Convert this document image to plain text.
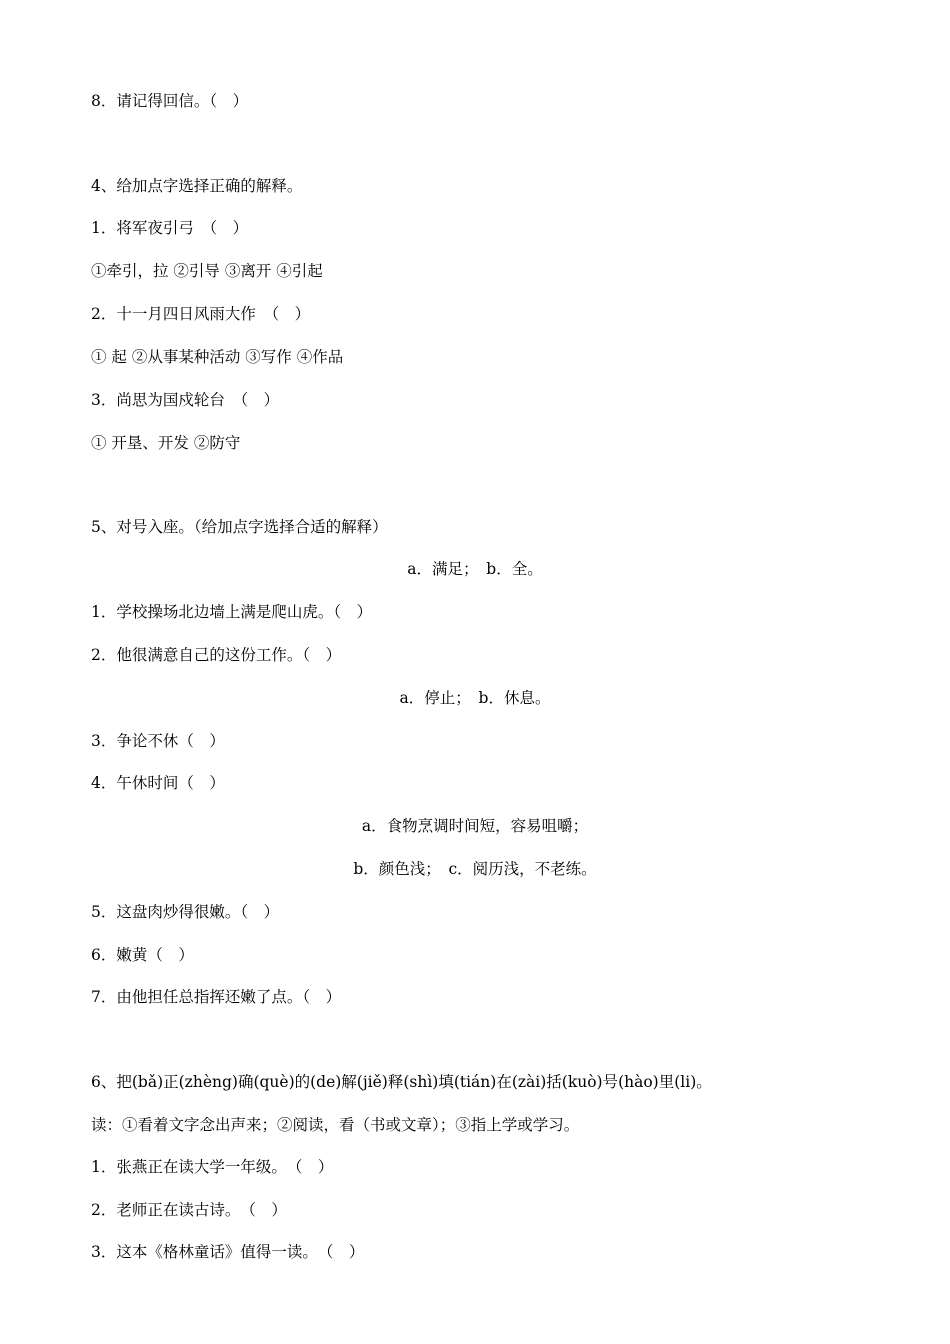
8．请记得回信。（　）
4、给加点字选择正确的解释。
1．将军夜引弓　（　）
①牵引，拉 ②引导 ③离开 ④引起
2．十一月四日风雨大作　（　）
① 起 ②从事某种活动 ③写作 ④作品
3．尚思为国戍轮台　（　）
① 开垦、开发 ②防守
5、对号入座。（给加点字选择合适的解释）
a．满足；　b．全。
1．学校操场北边墙上满是爬山虎。（　）
2．他很满意自己的这份工作。（　）
a．停止；　b．休息。
3．争论不休（　）
4．午休时间（　）
a．食物烹调时间短，容易咀嚼；
b．颜色浅；　c．阅历浅，不老练。
5．这盘肉炒得很嫩。（　）
6．嫩黄（　）
7．由他担任总指挥还嫩了点。（　）
6、把(bǎ)正(zhèng)确(què)的(de)解(jiě)释(shì)填(tián)在(zài)括(kuò)号(hào)里(li)。
读：①看着文字念出声来；②阅读，看（书或文章）；③指上学或学习。
1．张燕正在读大学一年级。　（　）
2．老师正在读古诗。　（　）
3．这本《格林童话》值得一读。　（　）
